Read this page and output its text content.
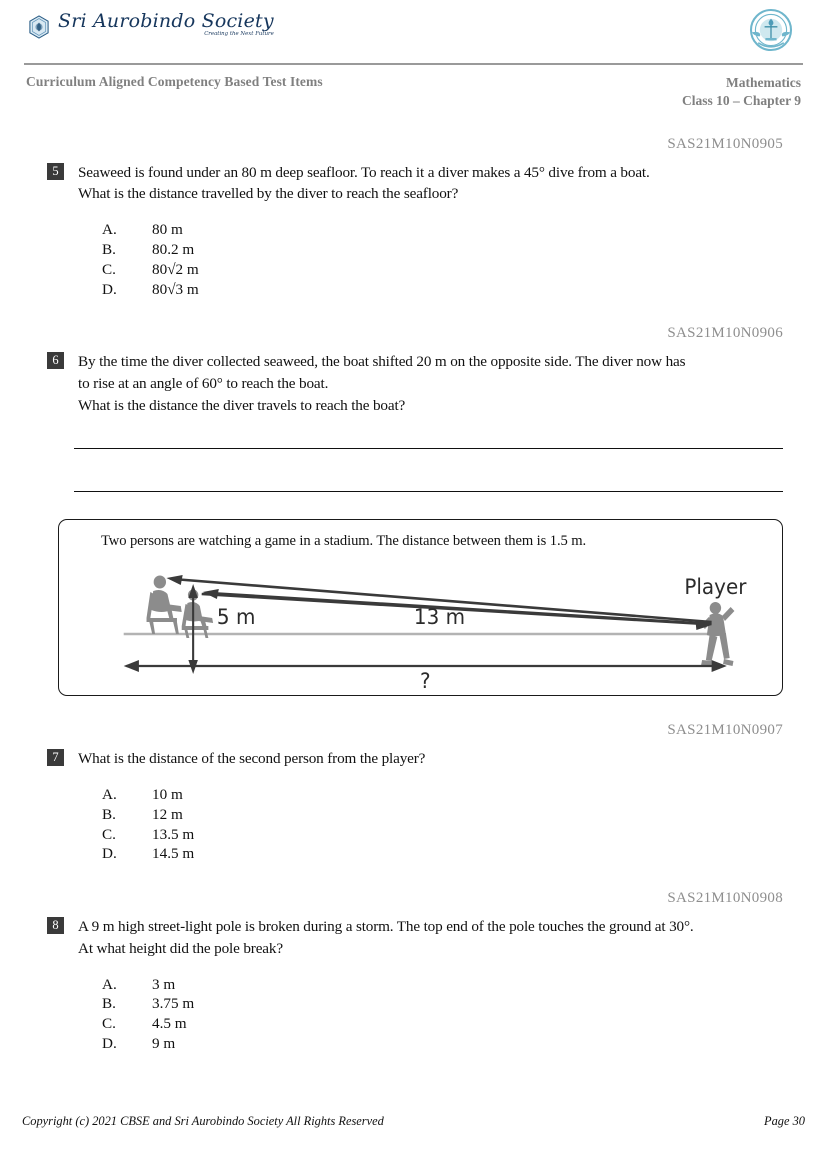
Sri Aurobindo Society
Creating the Next Future
Curriculum Aligned Competency Based Test Items	Mathematics
Class 10 – Chapter 9
SAS21M10N0905
5	Seaweed is found under an 80 m deep seafloor. To reach it a diver makes a 45° dive from a boat.
What is the distance travelled by the diver to reach the seafloor?
A.	80 m
B.	80.2 m
C.	80√2 m
D.	80√3 m
SAS21M10N0906
6	By the time the diver collected seaweed, the boat shifted 20 m on the opposite side. The diver now has
to rise at an angle of 60° to reach the boat.
What is the distance the diver travels to reach the boat?
Two persons are watching a game in a stadium. The distance between them is 1.5 m.
5 m	13 m
?
Player
SAS21M10N0907
7	What is the distance of the second person from the player?
A.	10 m
B.	12 m
C.	13.5 m
D.	14.5 m
SAS21M10N0908
8	A 9 m high street-light pole is broken during a storm. The top end of the pole touches the ground at 30°.
At what height did the pole break?
A.	3 m
B.	3.75 m
C.	4.5 m
D.	9 m
Copyright (c) 2021 CBSE and Sri Aurobindo Society All Rights Reserved	Page 30
